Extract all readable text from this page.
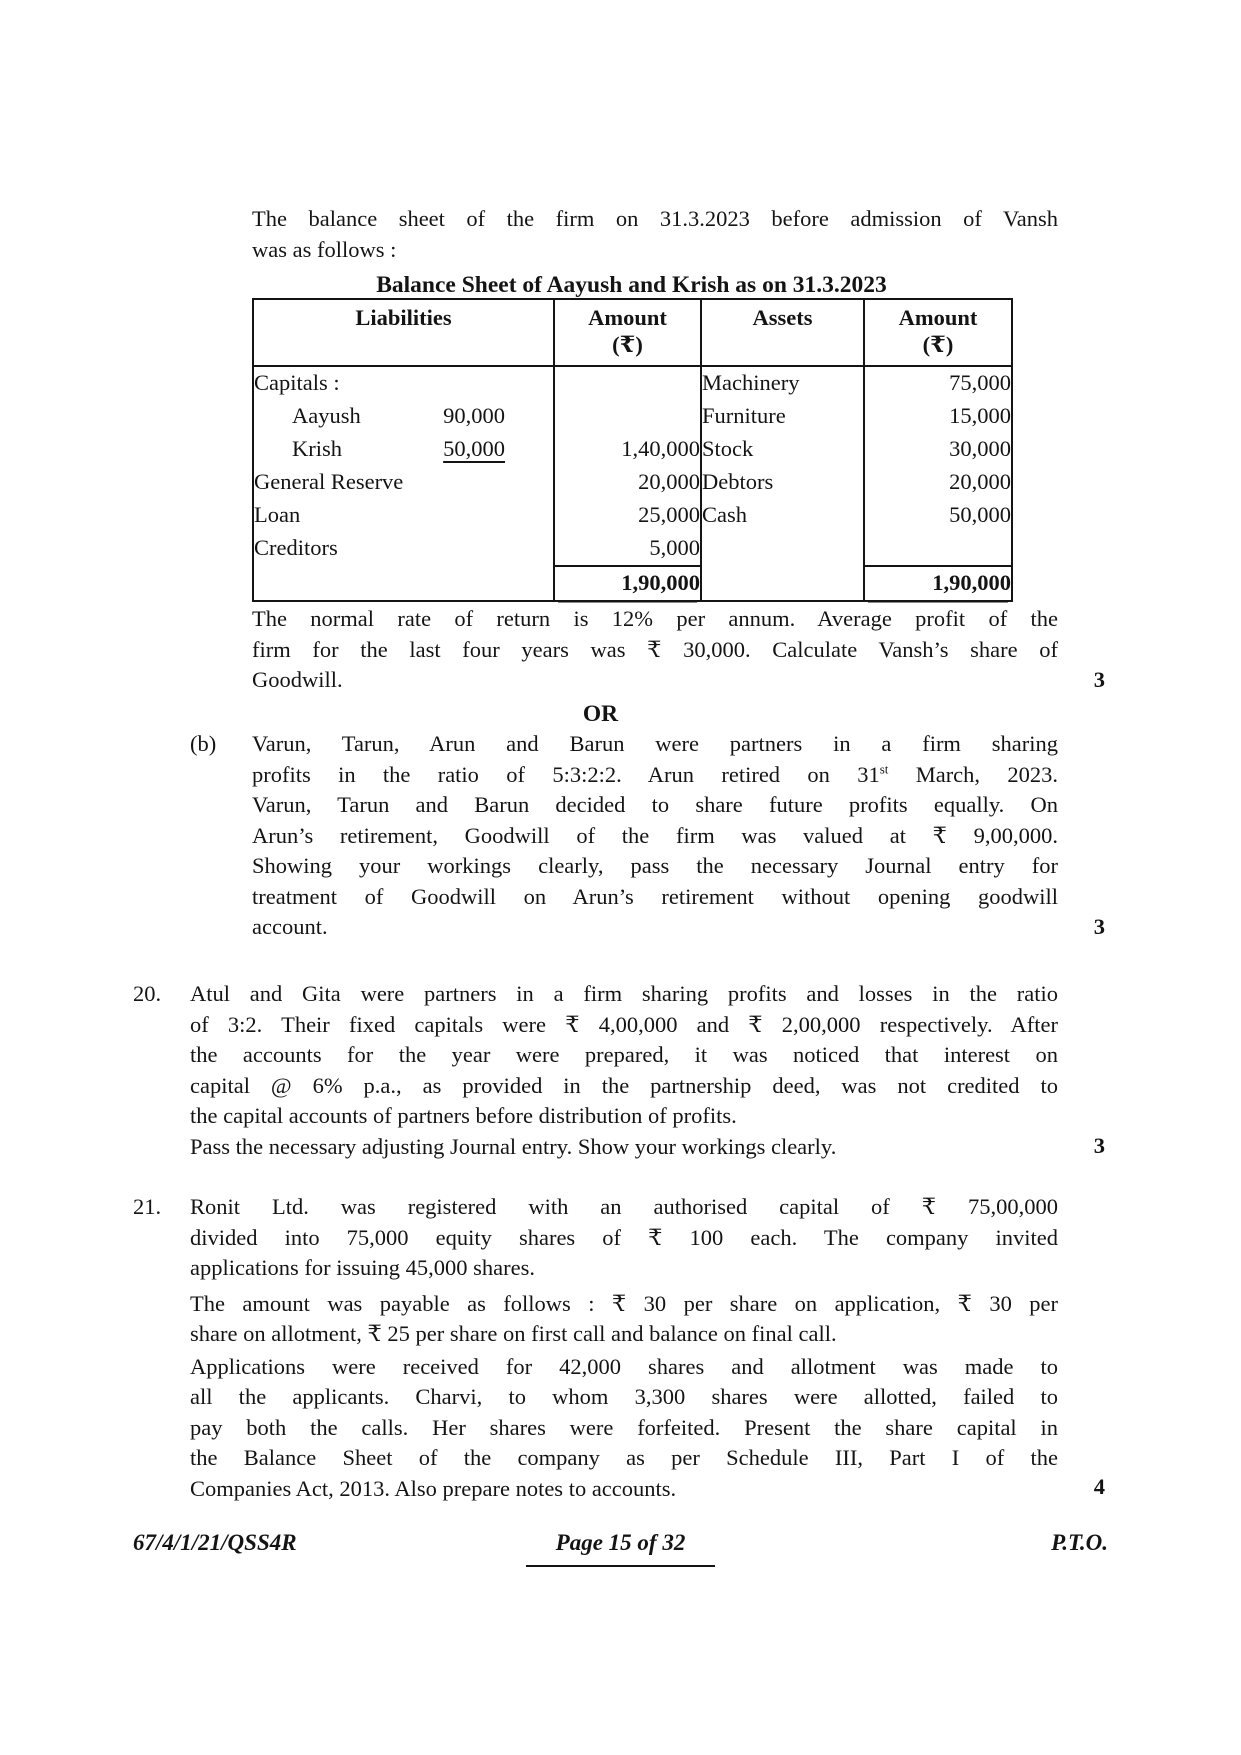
The balance sheet of the firm on 31.3.2023 before admission of Vansh
was as follows :
Balance Sheet of Aayush and Krish as on 31.3.2023
Liabilities	Amount
(₹)

Assets	Amount
(₹)

Capitals :		Machinery	75,000

Aayush 90,000		Furniture	15,000

Krish 50,000	1,40,000	Stock	30,000
General Reserve	20,000	Debtors	20,000
Loan	25,000	Cash	50,000
Creditors	5,000		
	1,90,000		1,90,000
The normal rate of return is 12% per annum. Average profit of the
firm for the last four years was ₹ 30,000. Calculate Vansh’s share of
Goodwill.	3
OR
(b)	Varun, Tarun, Arun and Barun were partners in a firm sharing
profits in the ratio of 5:3:2:2. Arun retired on 31st March, 2023.
Varun, Tarun and Barun decided to share future profits equally. On
Arun’s retirement, Goodwill of the firm was valued at ₹ 9,00,000.
Showing your workings clearly, pass the necessary Journal entry for
treatment of Goodwill on Arun’s retirement without opening goodwill
account.	3
20.	Atul and Gita were partners in a firm sharing profits and losses in the ratio
of 3:2. Their fixed capitals were ₹ 4,00,000 and ₹ 2,00,000 respectively. After
the accounts for the year were prepared, it was noticed that interest on
capital @ 6% p.a., as provided in the partnership deed, was not credited to
the capital accounts of partners before distribution of profits.
Pass the necessary adjusting Journal entry. Show your workings clearly.	3
21.	Ronit Ltd. was registered with an authorised capital of ₹ 75,00,000
divided into 75,000 equity shares of ₹ 100 each. The company invited
applications for issuing 45,000 shares.
The amount was payable as follows : ₹ 30 per share on application, ₹ 30 per
share on allotment, ₹ 25 per share on first call and balance on final call.
Applications were received for 42,000 shares and allotment was made to
all the applicants. Charvi, to whom 3,300 shares were allotted, failed to
pay both the calls. Her shares were forfeited. Present the share capital in
the Balance Sheet of the company as per Schedule III, Part I of the
Companies Act, 2013. Also prepare notes to accounts.	4
67/4/1/21/QSS4R	Page 15 of 32	P.T.O.
